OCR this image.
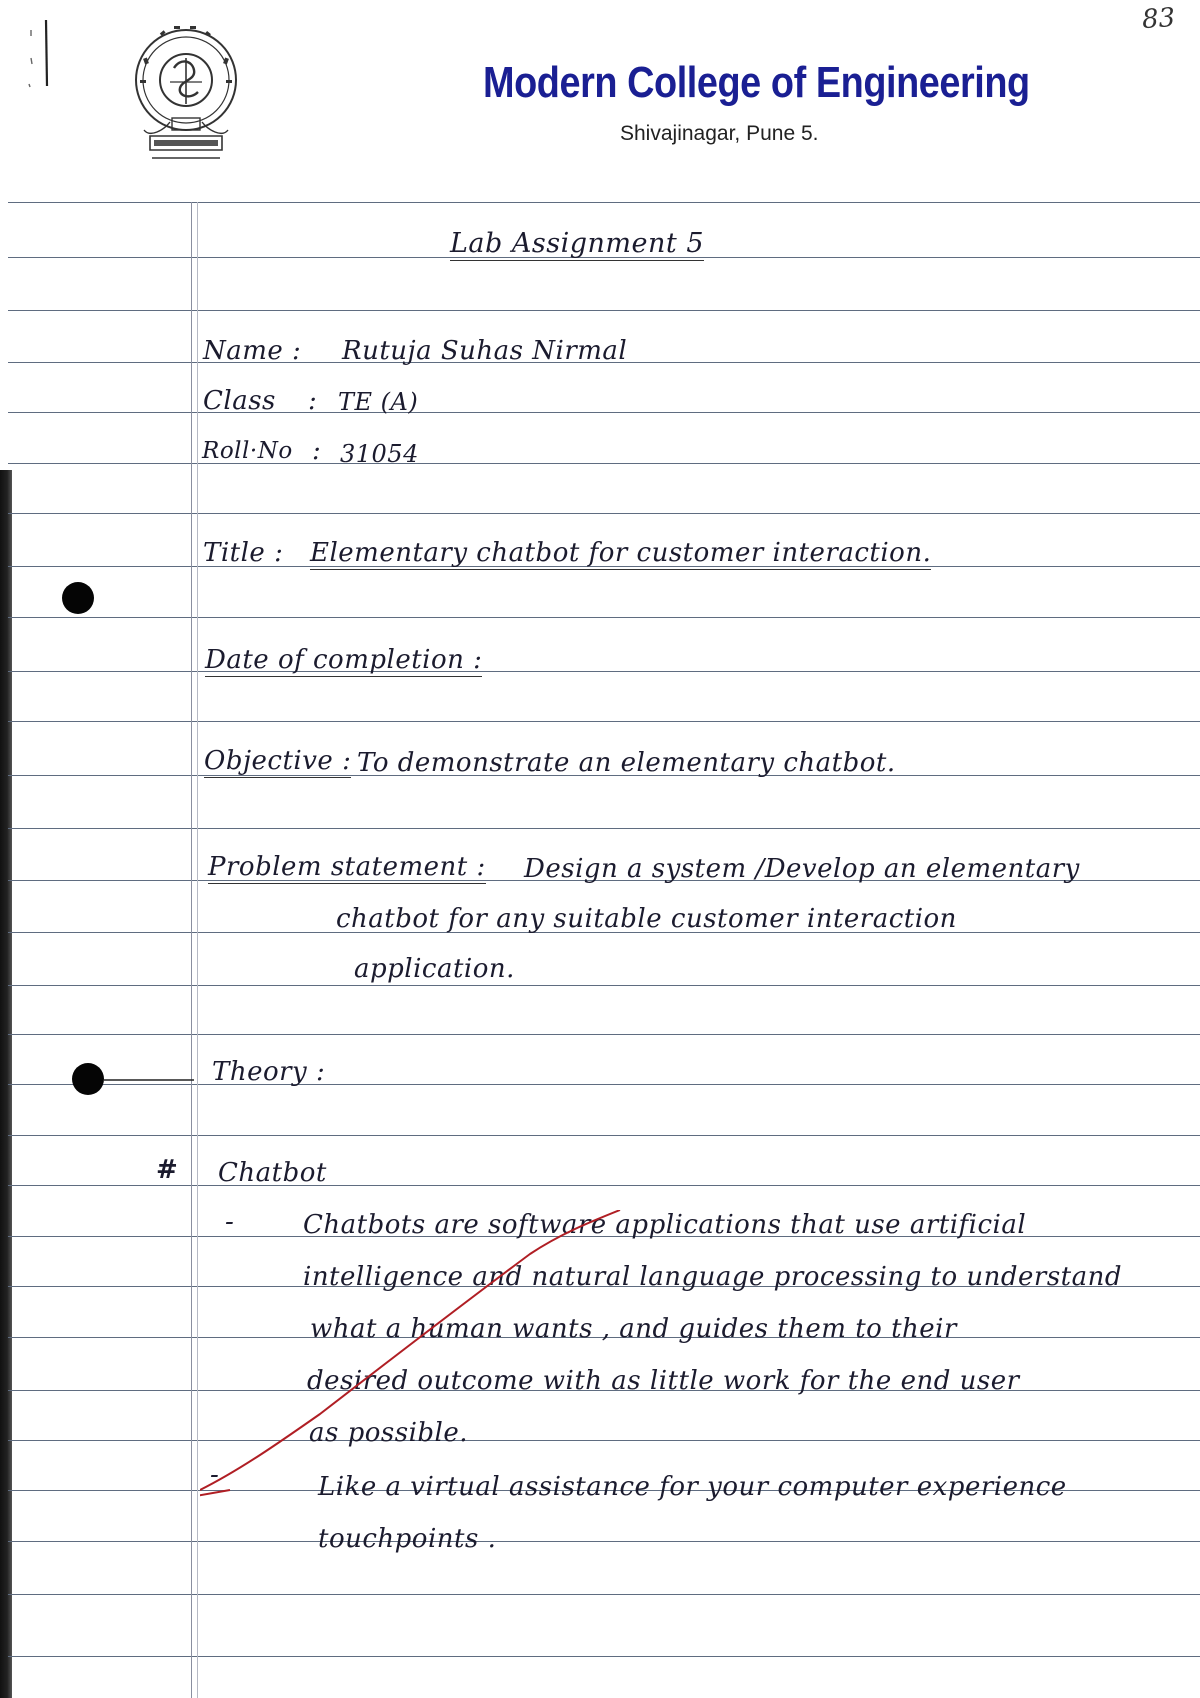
83
Modern College of Engineering
Shivajinagar, Pune 5.
Lab Assignment 5
Name : Rutuja Suhas Nirmal
Class : TE (A)
Roll·No : 31054
Title : Elementary chatbot for customer interaction.
Date of completion :
Objective : To demonstrate an elementary chatbot.
Problem statement : Design a system /Develop an elementary
chatbot for any suitable customer interaction
application.
Theory :
# Chatbot
-	Chatbots are software applications that use artificial
intelligence and natural language processing to understand
what a human wants , and guides them to their
desired outcome with as little work for the end user
as possible.
-	Like a virtual assistance for your computer experience
touchpoints .
